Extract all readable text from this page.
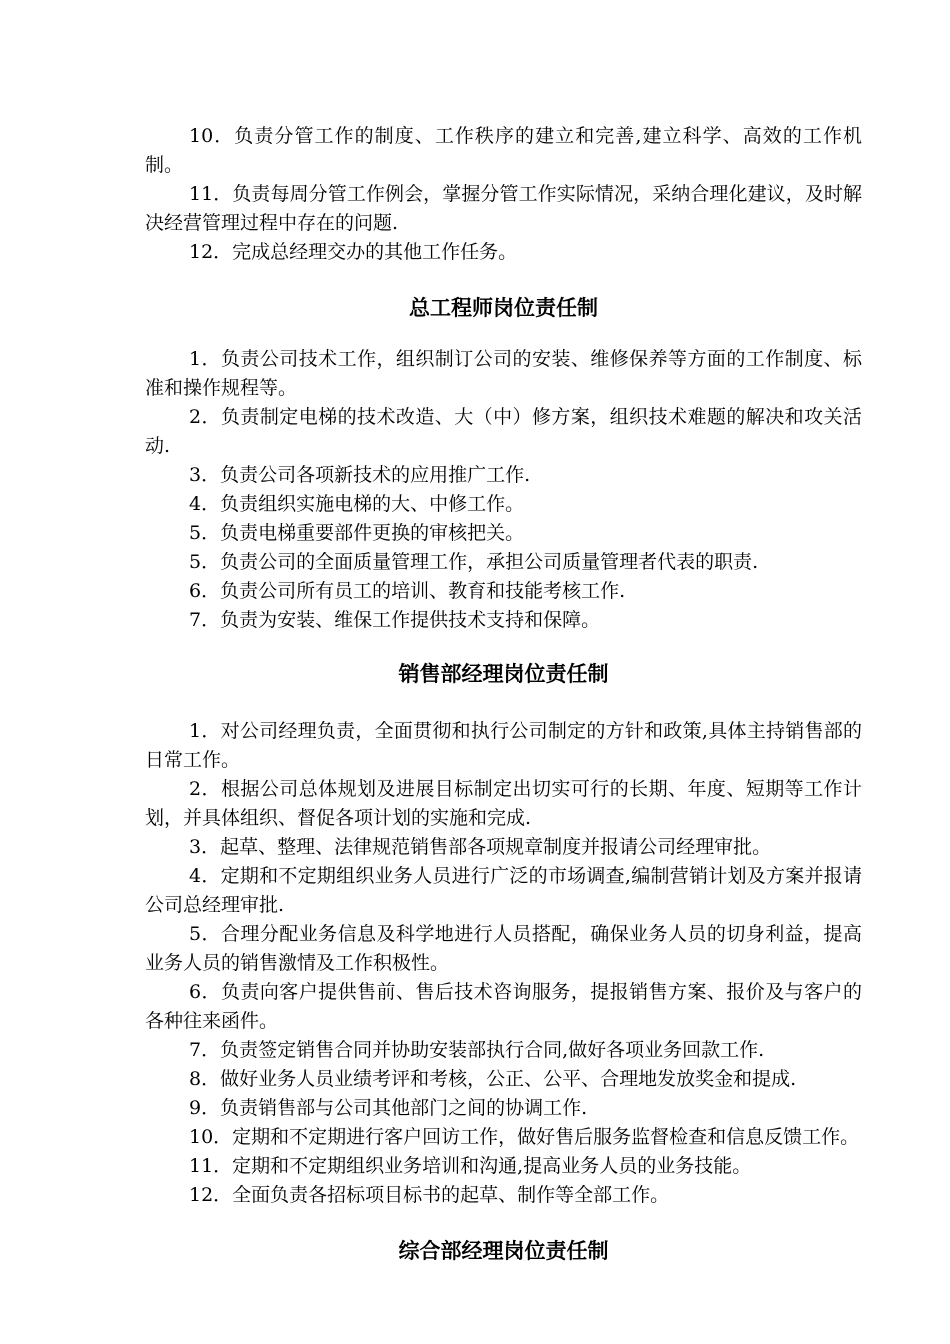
10．负责分管工作的制度、工作秩序的建立和完善,建立科学、高效的工作机制。

11．负责每周分管工作例会，掌握分管工作实际情况，采纳合理化建议，及时解决经营管理过程中存在的问题.

12．完成总经理交办的其他工作任务。

总工程师岗位责任制

1．负责公司技术工作，组织制订公司的安装、维修保养等方面的工作制度、标准和操作规程等。

2．负责制定电梯的技术改造、大（中）修方案，组织技术难题的解决和攻关活动.

3．负责公司各项新技术的应用推广工作.

4．负责组织实施电梯的大、中修工作。

5．负责电梯重要部件更换的审核把关。

5．负责公司的全面质量管理工作，承担公司质量管理者代表的职责.

6．负责公司所有员工的培训、教育和技能考核工作.

7．负责为安装、维保工作提供技术支持和保障。

销售部经理岗位责任制

1．对公司经理负责，全面贯彻和执行公司制定的方针和政策,具体主持销售部的日常工作。

2．根据公司总体规划及进展目标制定出切实可行的长期、年度、短期等工作计划，并具体组织、督促各项计划的实施和完成.

3．起草、整理、法律规范销售部各项规章制度并报请公司经理审批。

4．定期和不定期组织业务人员进行广泛的市场调查,编制营销计划及方案并报请公司总经理审批.

5．合理分配业务信息及科学地进行人员搭配，确保业务人员的切身利益，提高业务人员的销售激情及工作积极性。

6．负责向客户提供售前、售后技术咨询服务，提报销售方案、报价及与客户的各种往来函件。

7．负责签定销售合同并协助安装部执行合同,做好各项业务回款工作.

8．做好业务人员业绩考评和考核，公正、公平、合理地发放奖金和提成.

9．负责销售部与公司其他部门之间的协调工作.

10．定期和不定期进行客户回访工作，做好售后服务监督检查和信息反馈工作。

11．定期和不定期组织业务培训和沟通,提高业务人员的业务技能。

12．全面负责各招标项目标书的起草、制作等全部工作。

综合部经理岗位责任制
